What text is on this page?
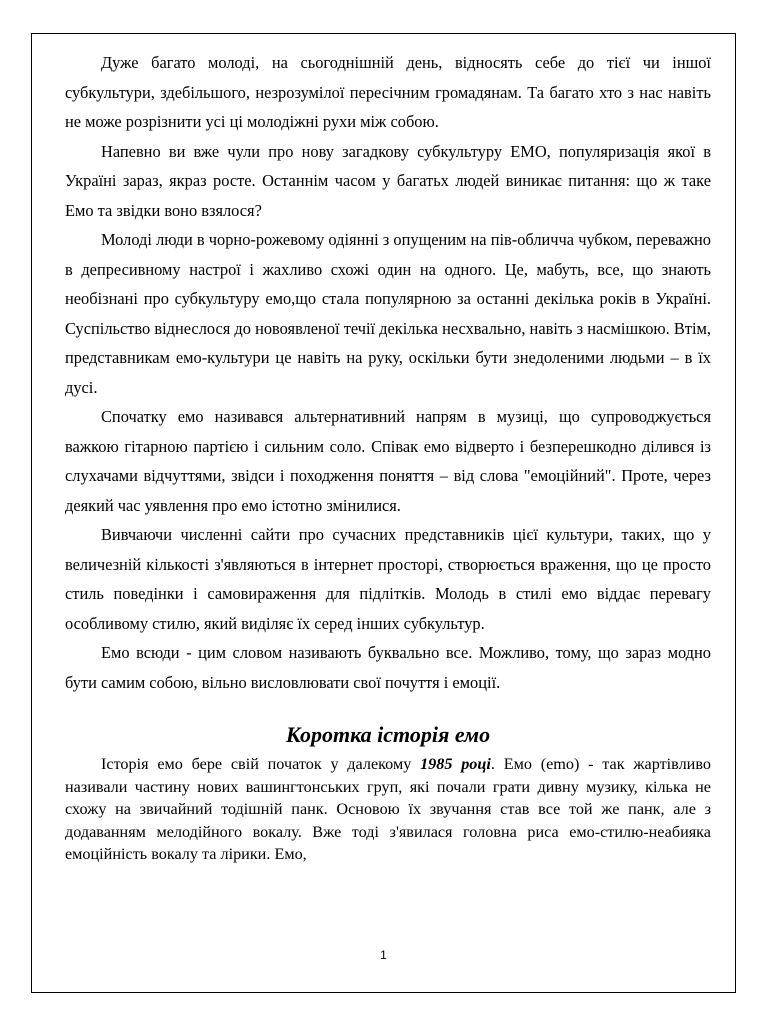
Дуже багато молоді, на сьогоднішній день, відносять себе до тієї чи іншої субкультури, здебільшого, незрозумілої пересічним громадянам. Та багато хто з нас навіть не може розрізнити усі ці молодіжні рухи між собою.

Напевно ви вже чули про нову загадкову субкультуру ЕМО, популяризація якої в Україні зараз, якраз росте. Останнім часом у багатьх людей виникає питання: що ж таке Емо та звідки воно взялося?

Молоді люди в чорно-рожевому одіянні з опущеним на пів-обличча чубком, переважно в депресивному настрої і жахливо схожі один на одного. Це, мабуть, все, що знають необізнані про субкультуру емо,що стала популярною за останні декілька років в Україні. Суспільство віднеслося до новоявленої течії декілька несхвально, навіть з насмішкою. Втім, представникам емо-культури це навіть на руку, оскільки бути знедоленими людьми – в їх дусі.

Спочатку емо називався альтернативний напрям в музиці, що супроводжується важкою гітарною партією і сильним соло. Співак емо відверто і безперешкодно ділився із слухачами відчуттями, звідси і походження поняття – від слова "емоційний". Проте, через деякий час уявлення про емо істотно змінилися.

Вивчаючи численні сайти про сучасних представників цієї культури, таких, що у величезній кількості з'являються в інтернет просторі, створюється враження, що це просто стиль поведінки і самовираження для підлітків. Молодь в стилі емо віддає перевагу особливому стилю, який виділяє їх серед інших субкультур.

Емо всюди - цим словом називають буквально все. Можливо, тому, що зараз модно бути самим собою, вільно висловлювати свої почуття і емоції.

Коротка історія емо

Історія емо бере свій початок у далекому 1985 році. Емо (emo) - так жартівливо називали частину нових вашингтонських груп, які почали грати дивну музику, кілька не схожу на звичайний тодішній панк. Основою їх звучання став все той же панк, але з додаванням мелодійного вокалу. Вже тоді з'явилася головна риса емо-стилю-неабияка емоційність вокалу та лірики. Емо,

1
